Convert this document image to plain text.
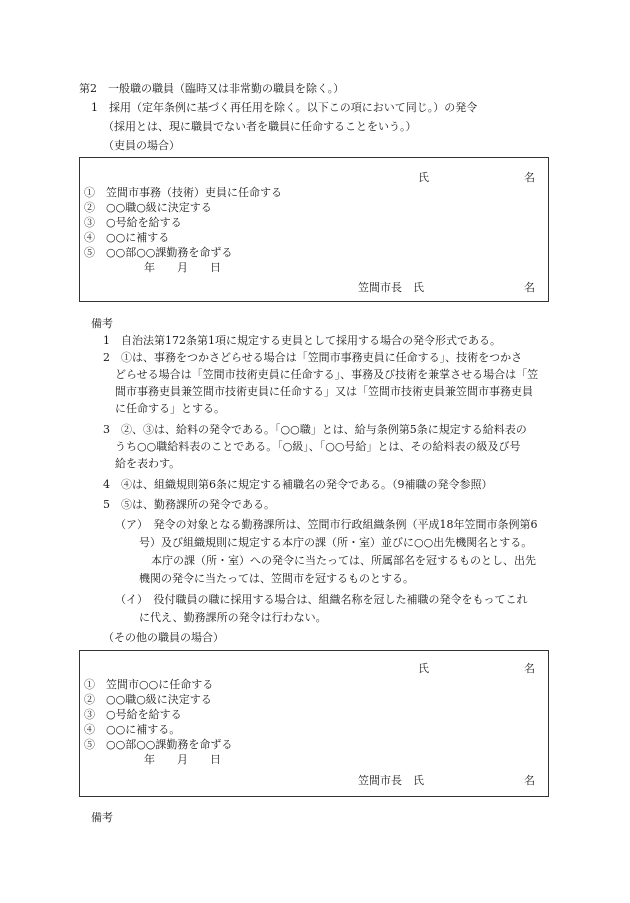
第2　一般職の職員（臨時又は非常勤の職員を除く。）
1　採用（定年条例に基づく再任用を除く。以下この項において同じ。）の発令
（採用とは、現に職員でない者を職員に任命することをいう。）
（吏員の場合）
氏	名
①　笠間市事務（技術）吏員に任命する
②　○○職○級に決定する
③　○号給を給する
④　○○に補する
⑤　○○部○○課勤務を命ずる
年　　月　　日
笠間市長　氏	名
備考

1　自治法第172条第1項に規定する吏員として採用する場合の発令形式である。

2　①は、事務をつかさどらせる場合は「笠間市事務吏員に任命する」、技術をつかさ

どらせる場合は「笠間市技術吏員に任命する」、事務及び技術を兼掌させる場合は「笠

間市事務吏員兼笠間市技術吏員に任命する」又は「笠間市技術吏員兼笠間市事務吏員

に任命する」とする。

3　②、③は、給料の発令である。「○○職」とは、給与条例第5条に規定する給料表の

うち○○職給料表のことである。「○級」、「○○号給」とは、その給料表の級及び号

給を表わす。

4　④は、組織規則第6条に規定する補職名の発令である。（9補職の発令参照）

5　⑤は、勤務課所の発令である。

（ア）　発令の対象となる勤務課所は、笠間市行政組織条例（平成18年笠間市条例第6

号）及び組織規則に規定する本庁の課（所・室）並びに○○出先機関名とする。

本庁の課（所・室）への発令に当たっては、所属部名を冠するものとし、出先

機関の発令に当たっては、笠間市を冠するものとする。

（イ）　役付職員の職に採用する場合は、組織名称を冠した補職の発令をもってこれ

に代え、勤務課所の発令は行わない。

（その他の職員の場合）
氏	名
①　笠間市○○に任命する
②　○○職○級に決定する
③　○号給を給する
④　○○に補する。
⑤　○○部○○課勤務を命ずる
年　　月　　日
笠間市長　氏	名
備考
